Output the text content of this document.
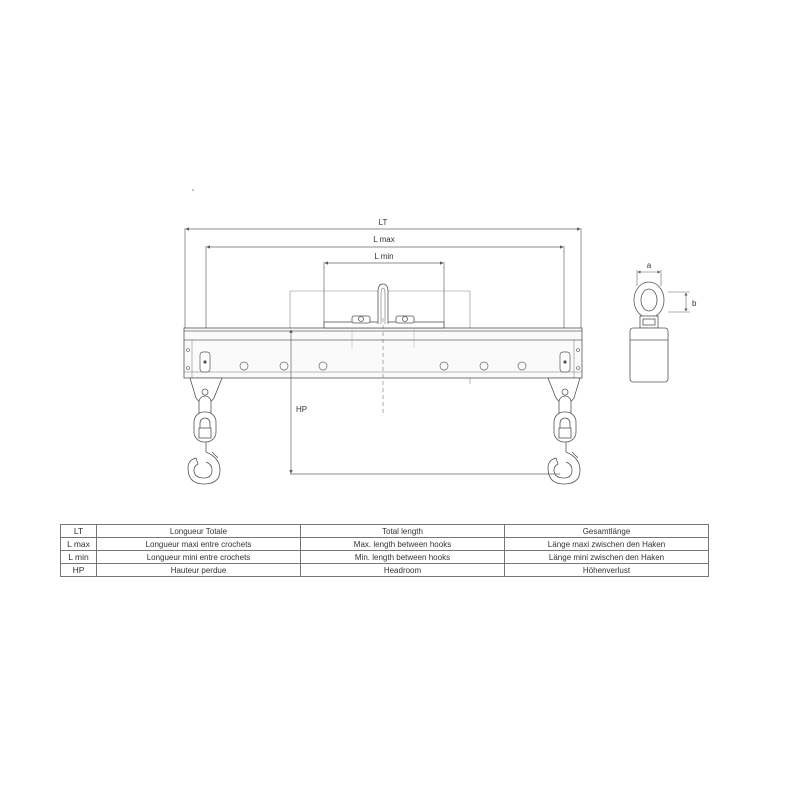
LT
L max
L min
HP
a
b
LT	Longueur Totale	Total length	Gesamtlänge
L max	Longueur maxi entre crochets	Max. length between hooks	Länge maxi zwischen den Haken
L min	Longueur mini entre crochets	Min. length between hooks	Länge mini zwischen den Haken
HP	Hauteur perdue	Headroom	Höhenverlust
